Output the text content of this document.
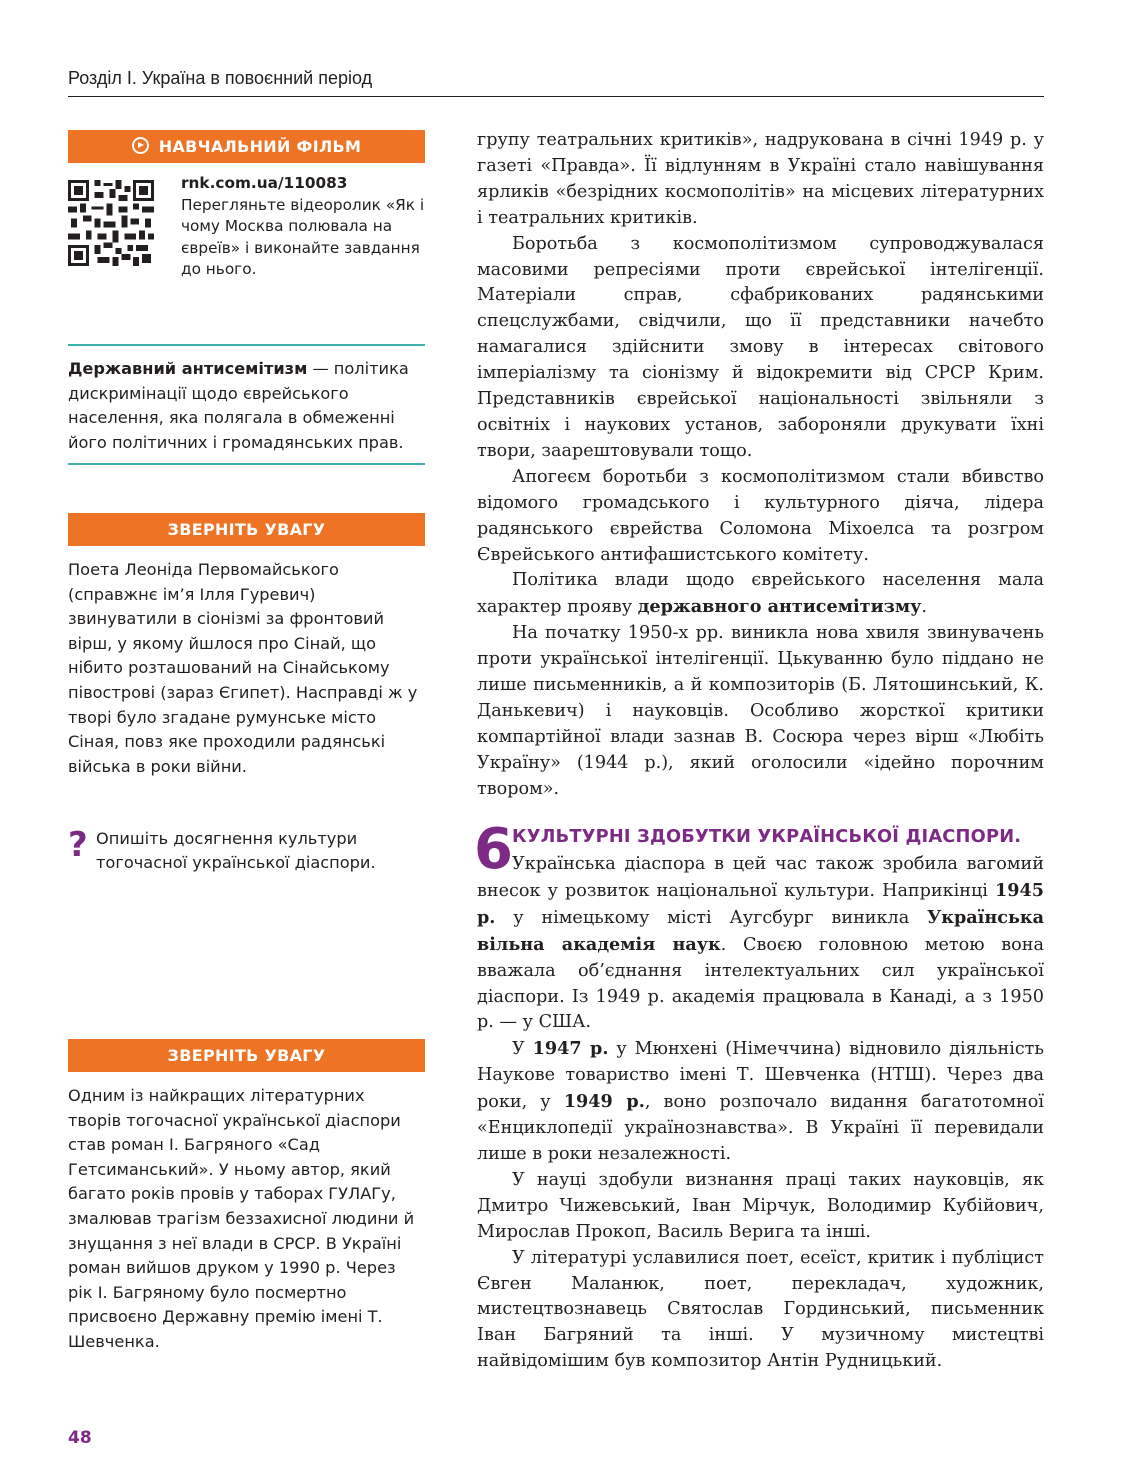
Розділ І. Україна в повоєнний період
НАВЧАЛЬНИЙ ФІЛЬМ
rnk.com.ua/110083
Перегляньте відеоролик «Як і чому Москва полювала на євреїв» і виконайте завдання до нього.
Державний антисемітизм — політика дискримінації щодо єврейського населення, яка полягала в обмеженні його політичних і громадянських прав.
ЗВЕРНІТЬ УВАГУ
Поета Леоніда Первомайського (справжнє ім’я Ілля Гуревич) звинуватили в сіонізмі за фронтовий вірш, у якому йшлося про Сінай, що нібито розташований на Сінайському півострові (зараз Єгипет). Насправді ж у творі було згадане румунське місто Сіная, повз яке проходили радянські війська в роки війни.
? Опишіть досягнення культури тогочасної української діаспори.
ЗВЕРНІТЬ УВАГУ
Одним із найкращих літературних творів тогочасної української діаспори став роман І. Багряного «Сад Гетсиманський». У ньому автор, який багато років провів у таборах ГУЛАГу, змалював трагізм беззахисної людини й знущання з неї влади в СРСР. В Україні роман вийшов друком у 1990 р. Через рік І. Багряному було посмертно присвоєно Державну премію імені Т. Шевченка.

групу театральних критиків», надрукована в січні 1949 р. у газеті «Правда». Її відлунням в Україні стало навішування ярликів «безрідних космополітів» на місцевих літературних і театральних критиків.

Боротьба з космополітизмом супроводжувалася масовими репресіями проти єврейської інтелігенції. Матеріали справ, сфабрикованих радянськими спецслужбами, свідчили, що її представники начебто намагалися здійснити змову в інтересах світового імперіалізму та сіонізму й відокремити від СРСР Крим. Представників єврейської національності звільняли з освітніх і наукових установ, забороняли друкувати їхні твори, заарештовували тощо.

Апогеєм боротьби з космополітизмом стали вбивство відомого громадського і культурного діяча, лідера радянського єврейства Соломона Міхоелса та розгром Єврейського антифашистського комітету.

Політика влади щодо єврейського населення мала характер прояву державного антисемітизму.

На початку 1950-х рр. виникла нова хвиля звинувачень проти української інтелігенції. Цькуванню було піддано не лише письменників, а й композиторів (Б. Лятошинський, К. Данькевич) і науковців. Особливо жорсткої критики компартійної влади зазнав В. Сосюра через вірш «Любіть Україну» (1944 р.), який оголосили «ідейно порочним твором».

6 КУЛЬТУРНІ ЗДОБУТКИ УКРАЇНСЬКОЇ ДІАСПОРИ.

Українська діаспора в цей час також зробила вагомий внесок у розвиток національної культури. Наприкінці 1945 р. у німецькому місті Аугсбург виникла Українська вільна академія наук. Своєю головною метою вона вважала об’єднання інтелектуальних сил української діаспори. Із 1949 р. академія працювала в Канаді, а з 1950 р. — у США.

У 1947 р. у Мюнхені (Німеччина) відновило діяльність Наукове товариство імені Т. Шевченка (НТШ). Через два роки, у 1949 р., воно розпочало видання багатотомної «Енциклопедії українознавства». В Україні її перевидали лише в роки незалежності.

У науці здобули визнання праці таких науковців, як Дмитро Чижевський, Іван Мірчук, Володимир Кубійович, Мирослав Прокоп, Василь Верига та інші.

У літературі уславилися поет, есеїст, критик і публіцист Євген Маланюк, поет, перекладач, художник, мистецтвознавець Святослав Гординський, письменник Іван Багряний та інші. У музичному мистецтві найвідомішим був композитор Антін Рудницький.

48
